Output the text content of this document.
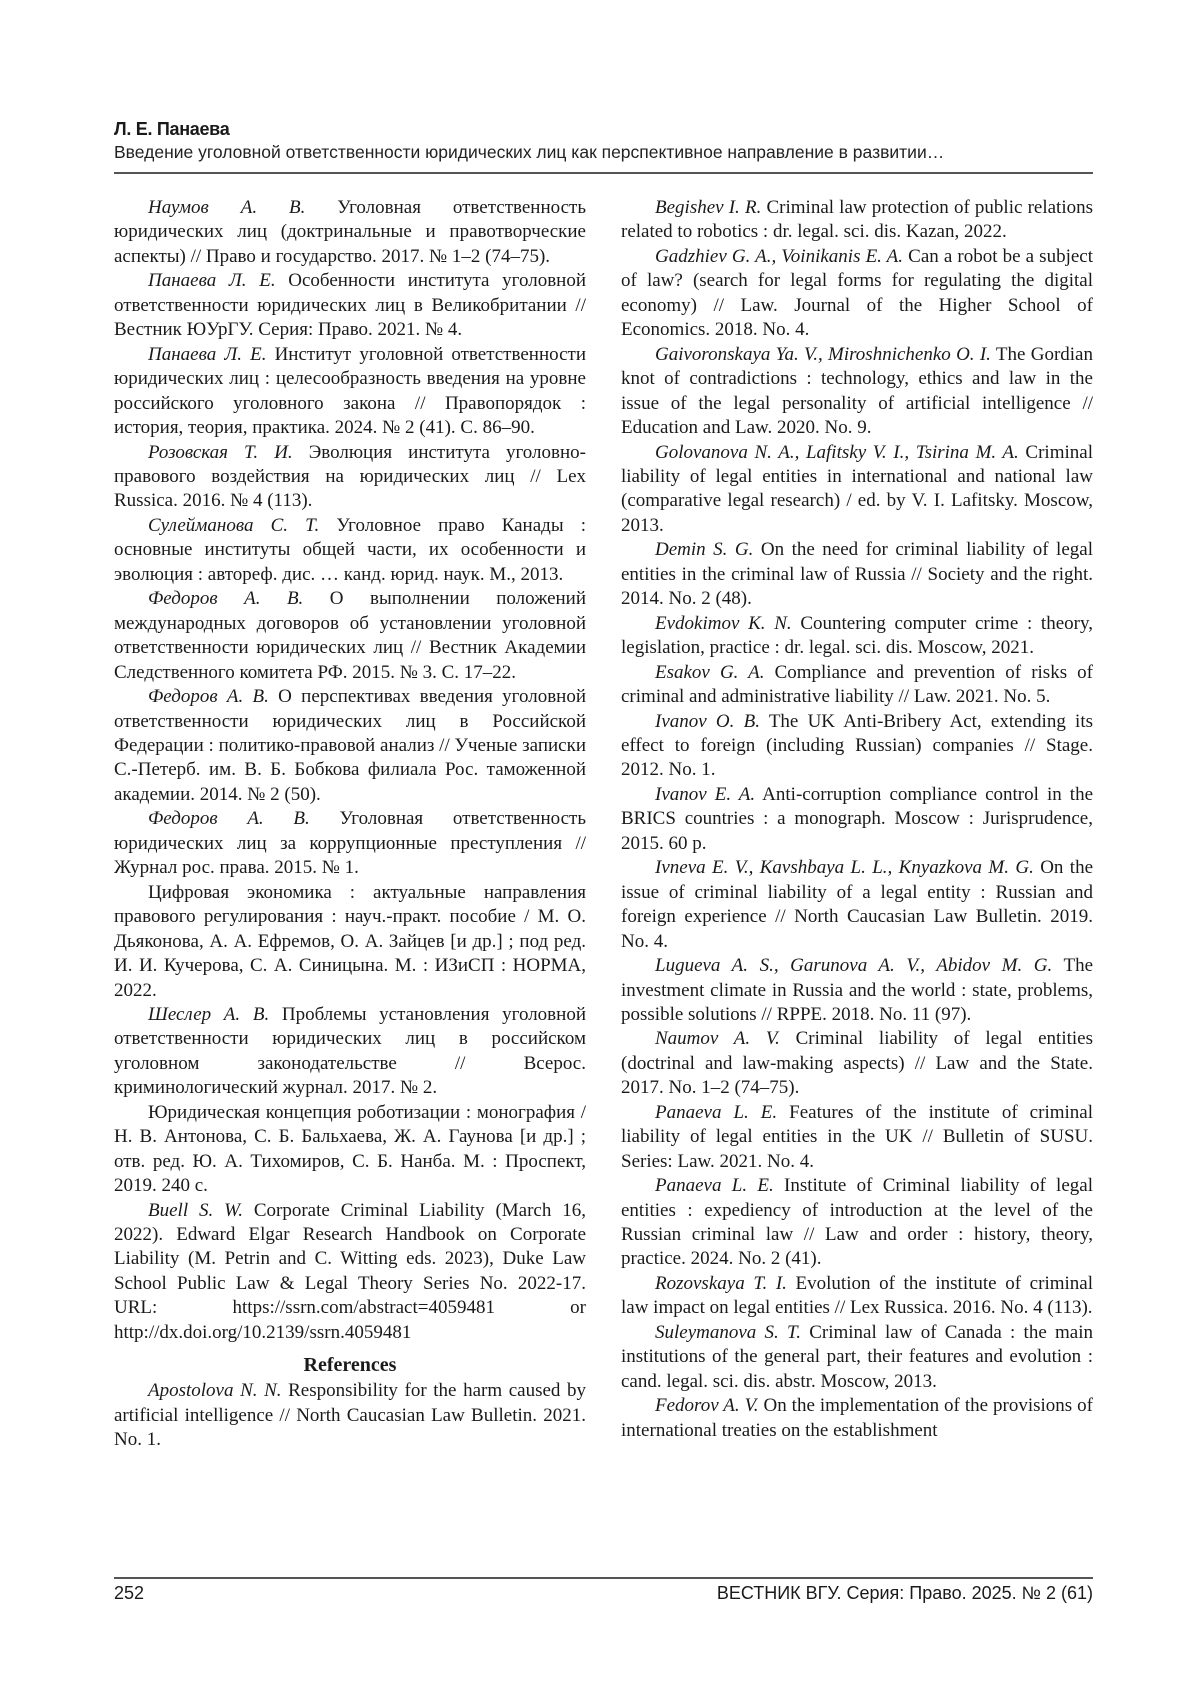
Л. Е. Панаева
Введение уголовной ответственности юридических лиц как перспективное направление в развитии…

Наумов А. В. Уголовная ответственность юридических лиц (доктринальные и правотворческие аспекты) // Право и государство. 2017. № 1–2 (74–75).

Панаева Л. Е. Особенности института уголовной ответственности юридических лиц в Великобритании // Вестник ЮУрГУ. Серия: Право. 2021. № 4.

Панаева Л. Е. Институт уголовной ответственности юридических лиц : целесообразность введения на уровне российского уголовного закона // Правопорядок : история, теория, практика. 2024. № 2 (41). С. 86–90.

Розовская Т. И. Эволюция института уголовно-правового воздействия на юридических лиц // Lex Russica. 2016. № 4 (113).

Сулейманова С. Т. Уголовное право Канады : основные институты общей части, их особенности и эволюция : автореф. дис. … канд. юрид. наук. М., 2013.

Федоров А. В. О выполнении положений международных договоров об установлении уголовной ответственности юридических лиц // Вестник Академии Следственного комитета РФ. 2015. № 3. С. 17–22.

Федоров А. В. О перспективах введения уголовной ответственности юридических лиц в Российской Федерации : политико-правовой анализ // Ученые записки С.-Петерб. им. В. Б. Бобкова филиала Рос. таможенной академии. 2014. № 2 (50).

Федоров А. В. Уголовная ответственность юридических лиц за коррупционные преступления // Журнал рос. права. 2015. № 1.

Цифровая экономика : актуальные направления правового регулирования : науч.-практ. пособие / М. О. Дьяконова, А. А. Ефремов, О. А. Зайцев [и др.] ; под ред. И. И. Кучерова, С. А. Синицына. М. : ИЗиСП : НОРМА, 2022.

Шеслер А. В. Проблемы установления уголовной ответственности юридических лиц в российском уголовном законодательстве // Всерос. криминологический журнал. 2017. № 2.

Юридическая концепция роботизации : монография / Н. В. Антонова, С. Б. Бальхаева, Ж. А. Гаунова [и др.] ; отв. ред. Ю. А. Тихомиров, С. Б. Нанба. М. : Проспект, 2019. 240 с.

Buell S. W. Corporate Criminal Liability (March 16, 2022). Edward Elgar Research Handbook on Corporate Liability (M. Petrin and C. Witting eds. 2023), Duke Law School Public Law & Legal Theory Series No. 2022-17. URL: https://ssrn.com/abstract=4059481 or http://dx.doi.org/10.2139/ssrn.4059481

References

Apostolova N. N. Responsibility for the harm caused by artificial intelligence // North Caucasian Law Bulletin. 2021. No. 1.

Begishev I. R. Criminal law protection of public relations related to robotics : dr. legal. sci. dis. Kazan, 2022.

Gadzhiev G. A., Voinikanis E. A. Can a robot be a subject of law? (search for legal forms for regulating the digital economy) // Law. Journal of the Higher School of Economics. 2018. No. 4.

Gaivoronskaya Ya. V., Miroshnichenko O. I. The Gordian knot of contradictions : technology, ethics and law in the issue of the legal personality of artificial intelligence // Education and Law. 2020. No. 9.

Golovanova N. A., Lafitsky V. I., Tsirina M. A. Criminal liability of legal entities in international and national law (comparative legal research) / ed. by V. I. Lafitsky. Moscow, 2013.

Demin S. G. On the need for criminal liability of legal entities in the criminal law of Russia // Society and the right. 2014. No. 2 (48).

Evdokimov K. N. Countering computer crime : theory, legislation, practice : dr. legal. sci. dis. Moscow, 2021.

Esakov G. A. Compliance and prevention of risks of criminal and administrative liability // Law. 2021. No. 5.

Ivanov O. B. The UK Anti-Bribery Act, extending its effect to foreign (including Russian) companies // Stage. 2012. No. 1.

Ivanov E. A. Anti-corruption compliance control in the BRICS countries : a monograph. Moscow : Jurisprudence, 2015. 60 p.

Ivneva E. V., Kavshbaya L. L., Knyazkova M. G. On the issue of criminal liability of a legal entity : Russian and foreign experience // North Caucasian Law Bulletin. 2019. No. 4.

Lugueva A. S., Garunova A. V., Abidov M. G. The investment climate in Russia and the world : state, problems, possible solutions // RPPE. 2018. No. 11 (97).

Naumov A. V. Criminal liability of legal entities (doctrinal and law-making aspects) // Law and the State. 2017. No. 1–2 (74–75).

Panaeva L. E. Features of the institute of criminal liability of legal entities in the UK // Bulletin of SUSU. Series: Law. 2021. No. 4.

Panaeva L. E. Institute of Criminal liability of legal entities : expediency of introduction at the level of the Russian criminal law // Law and order : history, theory, practice. 2024. No. 2 (41).

Rozovskaya T. I. Evolution of the institute of criminal law impact on legal entities // Lex Russica. 2016. No. 4 (113).

Suleymanova S. T. Criminal law of Canada : the main institutions of the general part, their features and evolution : cand. legal. sci. dis. abstr. Moscow, 2013.

Fedorov A. V. On the implementation of the provisions of international treaties on the establishment

252	ВЕСТНИК ВГУ. Серия: Право. 2025. № 2 (61)
